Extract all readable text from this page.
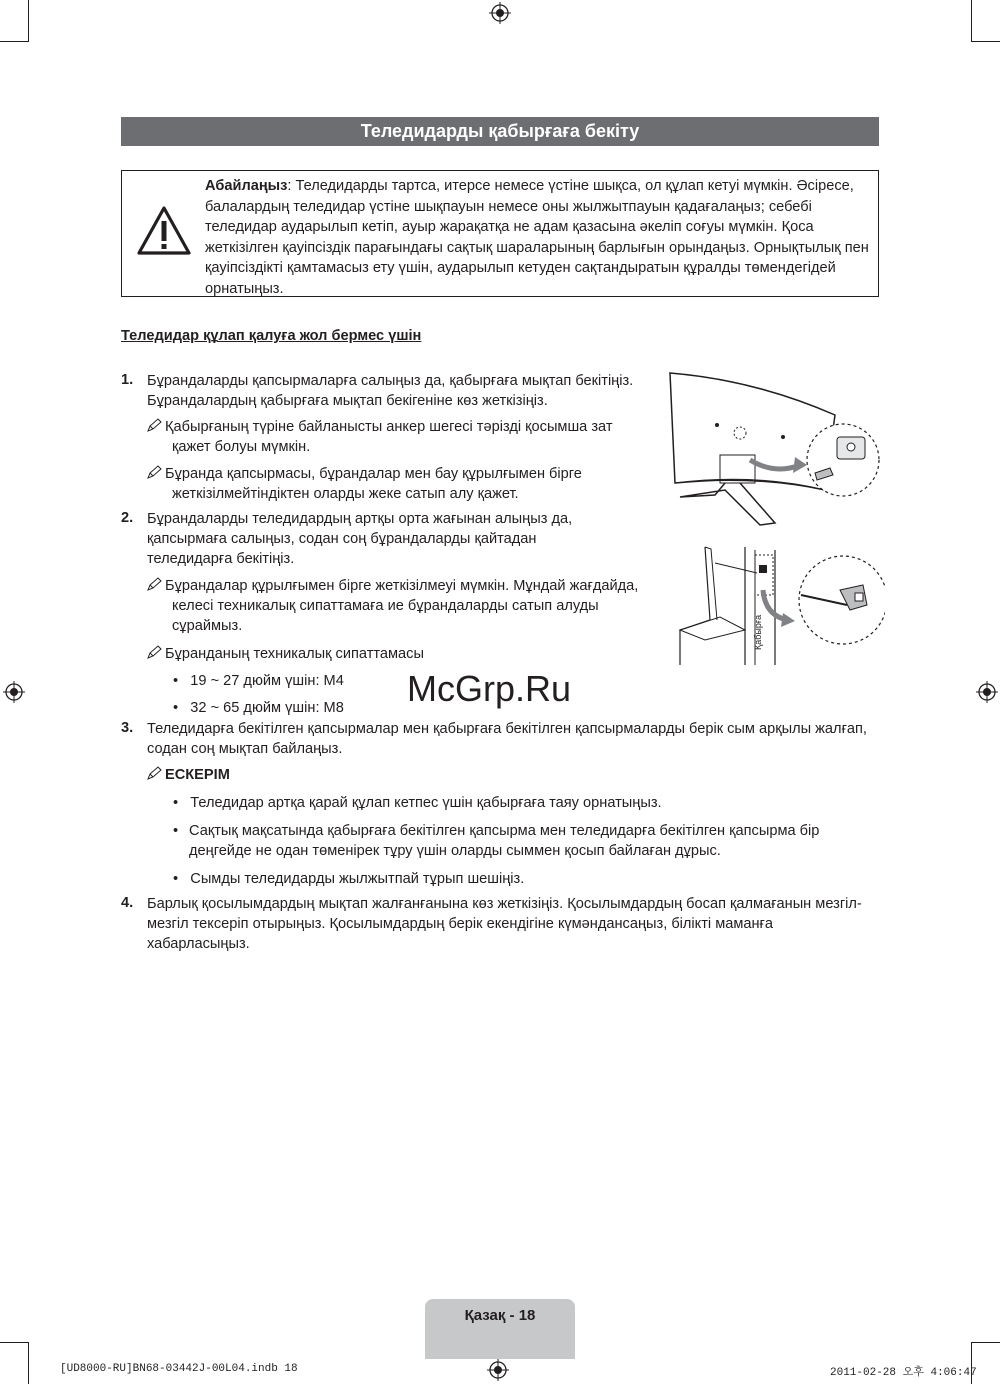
Теледидарды қабырғаға бекіту
Абайлаңыз: Теледидарды тартса, итерсе немесе үстіне шықса, ол құлап кетуі мүмкін. Әсіресе, балалардың теледидар үстіне шықпауын немесе оны жылжытпауын қадағалаңыз; себебі теледидар аударылып кетіп, ауыр жарақатқа не адам қазасына әкеліп соғуы мүмкін. Қоса жеткізілген қауіпсіздік парағындағы сақтық шараларының барлығын орындаңыз. Орнықтылық пен қауіпсіздікті қамтамасыз ету үшін, аударылып кетуден сақтандыратын құралды төмендегідей орнатыңыз.
Теледидар құлап қалуға жол бермес үшін
1. Бұрандаларды қапсырмаларға салыңыз да, қабырғаға мықтап бекітіңіз. Бұрандалардың қабырғаға мықтап бекігеніне көз жеткізіңіз.
Қабырғаның түріне байланысты анкер шегесі тәрізді қосымша зат қажет болуы мүмкін.
Бұранда қапсырмасы, бұрандалар мен бау құрылғымен бірге жеткізілмейтіндіктен оларды жеке сатып алу қажет.
2. Бұрандаларды теледидардың артқы орта жағынан алыңыз да, қапсырмаға салыңыз, содан соң бұрандаларды қайтадан теледидарға бекітіңіз.
Бұрандалар құрылғымен бірге жеткізілмеуі мүмкін. Мұндай жағдайда, келесі техникалық сипаттамаға ие бұрандаларды сатып алуды сұраймыз.
Бұранданың техникалық сипаттамасы
•   19 ~ 27 дюйм үшін: M4
•   32 ~ 65 дюйм үшін: M8
3. Теледидарға бекітілген қапсырмалар мен қабырғаға бекітілген қапсырмаларды берік сым арқылы жалғап, содан соң мықтап байлаңыз.
ЕСКЕРІМ
•   Теледидар артқа қарай құлап кетпес үшін қабырғаға таяу орнатыңыз.
• Сақтық мақсатында қабырғаға бекітілген қапсырма мен теледидарға бекітілген қапсырма бір деңгейде не одан төменірек тұру үшін оларды сыммен қосып байлаған дұрыс.
•   Сымды теледидарды жылжытпай тұрып шешіңіз.
4. Барлық қосылымдардың мықтап жалғанғанына көз жеткізіңіз. Қосылымдардың босап қалмағанын мезгіл-мезгіл тексеріп отырыңыз. Қосылымдардың берік екендігіне күмәндансаңыз, білікті маманға хабарласыңыз.
Қабырға
McGrp.Ru
Қазақ - 18
[UD8000-RU]BN68-03442J-00L04.indb 18	2011-02-28 오후 4:06:47
